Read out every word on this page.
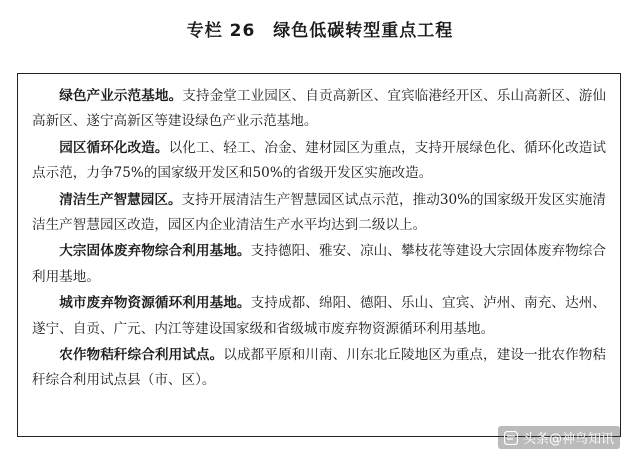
专栏 26 绿色低碳转型重点工程

绿色产业示范基地。支持金堂工业园区、自贡高新区、宜宾临港经开区、乐山高新区、游仙高新区、遂宁高新区等建设绿色产业示范基地。

园区循环化改造。以化工、轻工、冶金、建材园区为重点，支持开展绿色化、循环化改造试点示范，力争75%的国家级开发区和50%的省级开发区实施改造。

清洁生产智慧园区。支持开展清洁生产智慧园区试点示范，推动30%的国家级开发区实施清洁生产智慧园区改造，园区内企业清洁生产水平均达到二级以上。

大宗固体废弃物综合利用基地。支持德阳、雅安、凉山、攀枝花等建设大宗固体废弃物综合利用基地。

城市废弃物资源循环利用基地。支持成都、绵阳、德阳、乐山、宜宾、泸州、南充、达州、遂宁、自贡、广元、内江等建设国家级和省级城市废弃物资源循环利用基地。

农作物秸秆综合利用试点。以成都平原和川南、川东北丘陵地区为重点，建设一批农作物秸秆综合利用试点县（市、区）。

头条@神鸟知讯
